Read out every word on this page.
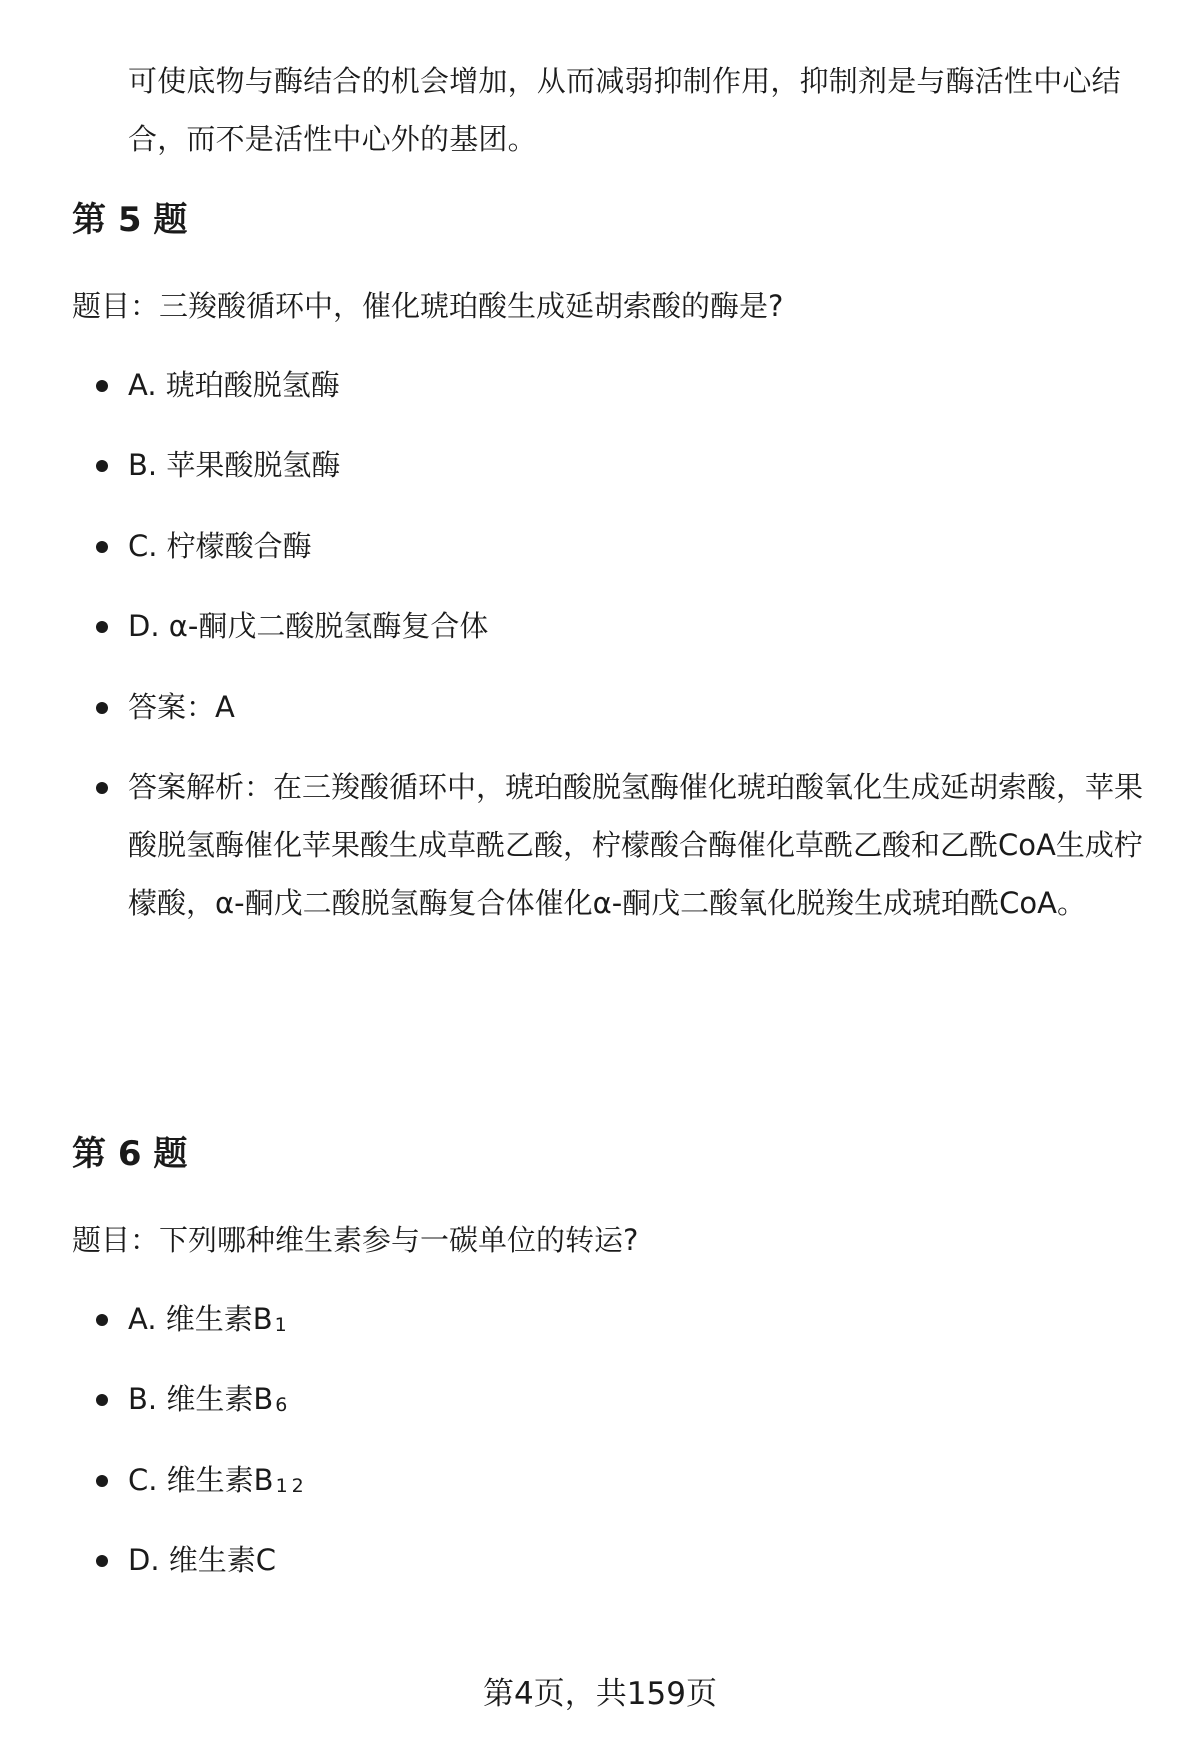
可使底物与酶结合的机会增加，从而减弱抑制作用，抑制剂是与酶活性中心结合，而不是活性中心外的基团。
第 5 题
题目：三羧酸循环中，催化琥珀酸生成延胡索酸的酶是?
A. 琥珀酸脱氢酶
B. 苹果酸脱氢酶
C. 柠檬酸合酶
D. α-酮戊二酸脱氢酶复合体
答案：A
答案解析：在三羧酸循环中，琥珀酸脱氢酶催化琥珀酸氧化生成延胡索酸，苹果酸脱氢酶催化苹果酸生成草酰乙酸，柠檬酸合酶催化草酰乙酸和乙酰CoA生成柠檬酸，α-酮戊二酸脱氢酶复合体催化α-酮戊二酸氧化脱羧生成琥珀酰CoA。
第 6 题
题目：下列哪种维生素参与一碳单位的转运?
A. 维生素B 1
B. 维生素B 6
C. 维生素B 12
D. 维生素C
第4页，共159页
